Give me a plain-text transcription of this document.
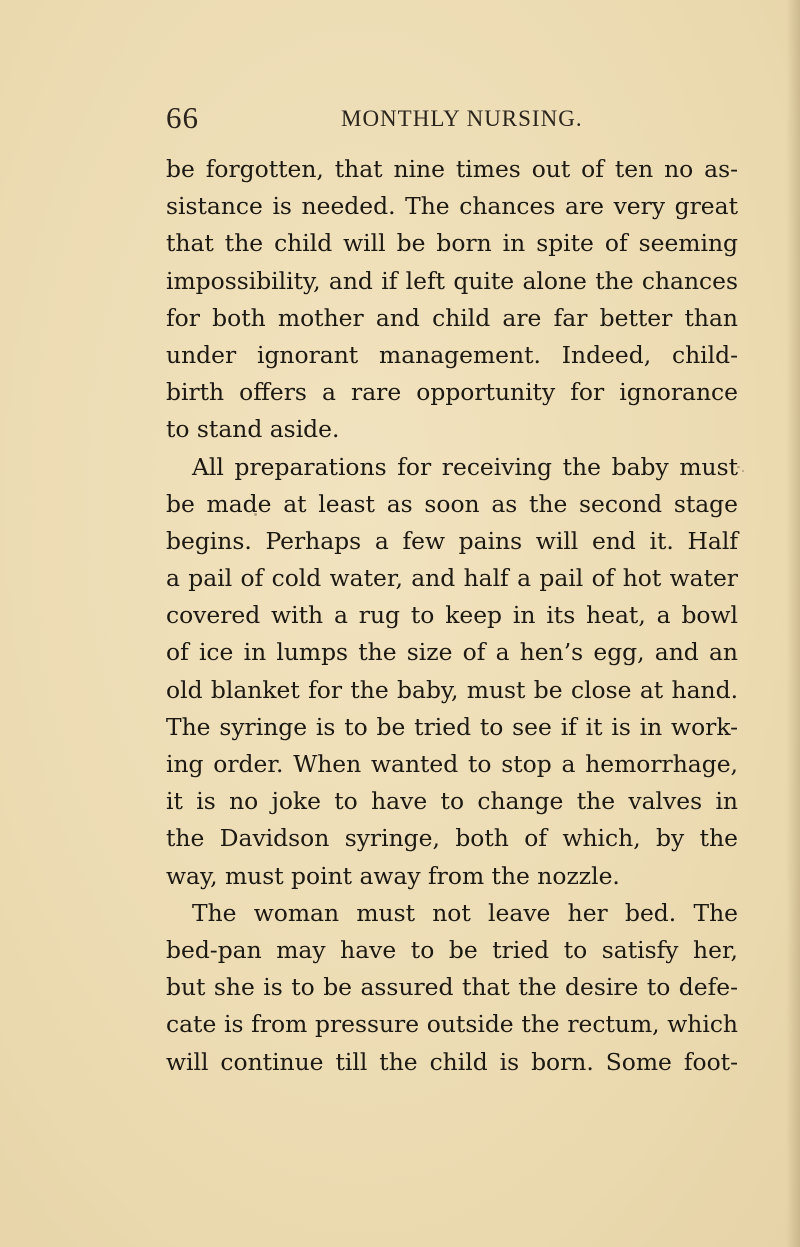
66	MONTHLY NURSING.
be forgotten, that nine times out of ten no as-
sistance is needed. The chances are very great
that the child will be born in spite of seeming
impossibility, and if left quite alone the chances
for both mother and child are far better than
under ignorant management. Indeed, child-
birth offers a rare opportunity for ignorance
to stand aside.
All preparations for receiving the baby must
be made at least as soon as the second stage
begins. Perhaps a few pains will end it. Half
a pail of cold water, and half a pail of hot water
covered with a rug to keep in its heat, a bowl
of ice in lumps the size of a hen’s egg, and an
old blanket for the baby, must be close at hand.
The syringe is to be tried to see if it is in work-
ing order. When wanted to stop a hemorrhage,
it is no joke to have to change the valves in
the Davidson syringe, both of which, by the
way, must point away from the nozzle.
The woman must not leave her bed. The
bed-pan may have to be tried to satisfy her,
but she is to be assured that the desire to defe-
cate is from pressure outside the rectum, which
will continue till the child is born. Some foot-
